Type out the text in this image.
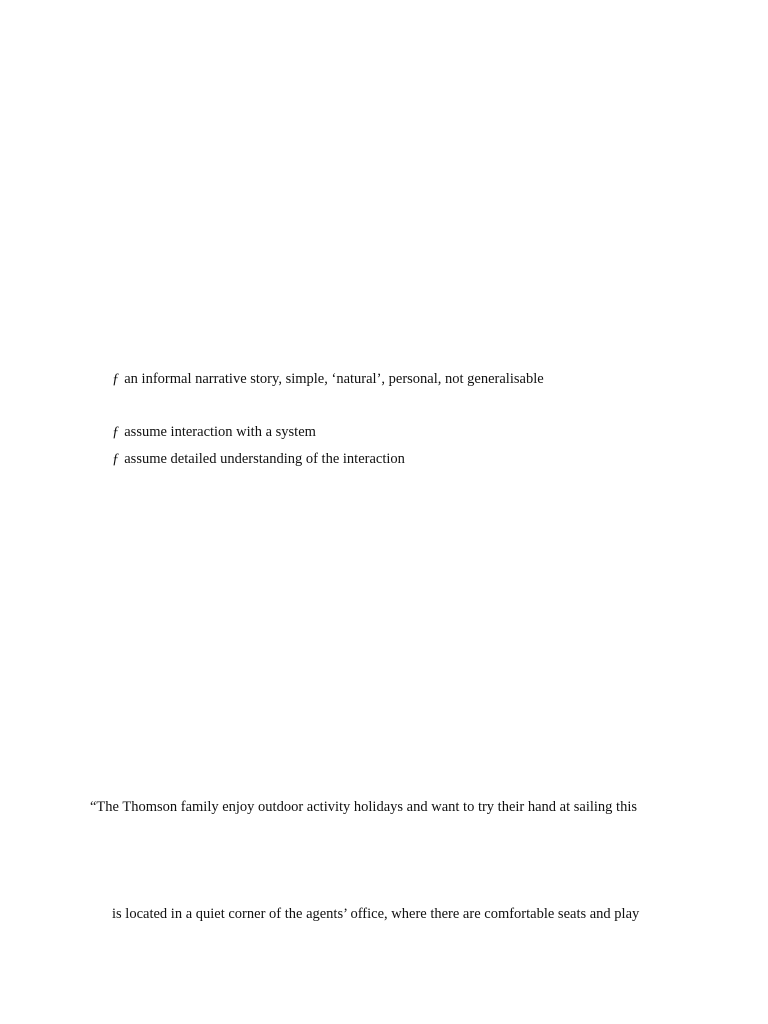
ƒ an informal narrative story, simple, ‘natural’, personal, not generalisable
ƒ assume interaction with a system
ƒ assume detailed understanding of the interaction
“The Thomson family enjoy outdoor activity holidays and want to try their hand at sailing this
is located in a quiet corner of the agents’ office, where there are comfortable seats and play
